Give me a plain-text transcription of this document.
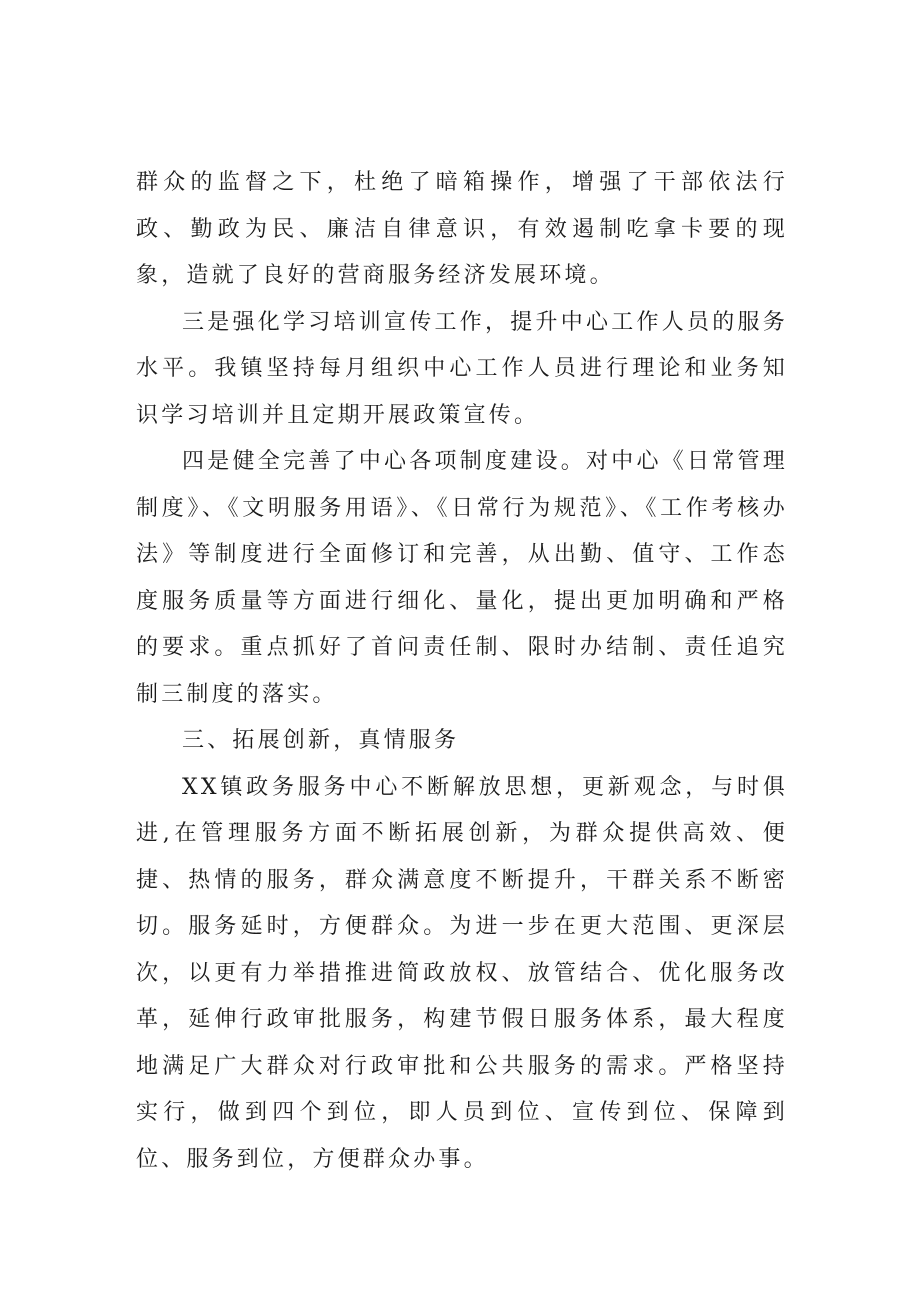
群众的监督之下，杜绝了暗箱操作，增强了干部依法行政、勤政为民、廉洁自律意识，有效遏制吃拿卡要的现象，造就了良好的营商服务经济发展环境。

三是强化学习培训宣传工作，提升中心工作人员的服务水平。我镇坚持每月组织中心工作人员进行理论和业务知识学习培训并且定期开展政策宣传。

四是健全完善了中心各项制度建设。对中心《日常管理制度》、《文明服务用语》、《日常行为规范》、《工作考核办法》等制度进行全面修订和完善，从出勤、值守、工作态度服务质量等方面进行细化、量化，提出更加明确和严格的要求。重点抓好了首问责任制、限时办结制、责任追究制三制度的落实。

三、拓展创新，真情服务

XX镇政务服务中心不断解放思想，更新观念，与时俱进,在管理服务方面不断拓展创新，为群众提供高效、便捷、热情的服务，群众满意度不断提升，干群关系不断密切。服务延时，方便群众。为进一步在更大范围、更深层次，以更有力举措推进简政放权、放管结合、优化服务改革，延伸行政审批服务，构建节假日服务体系，最大程度地满足广大群众对行政审批和公共服务的需求。严格坚持实行，做到四个到位，即人员到位、宣传到位、保障到位、服务到位，方便群众办事。
